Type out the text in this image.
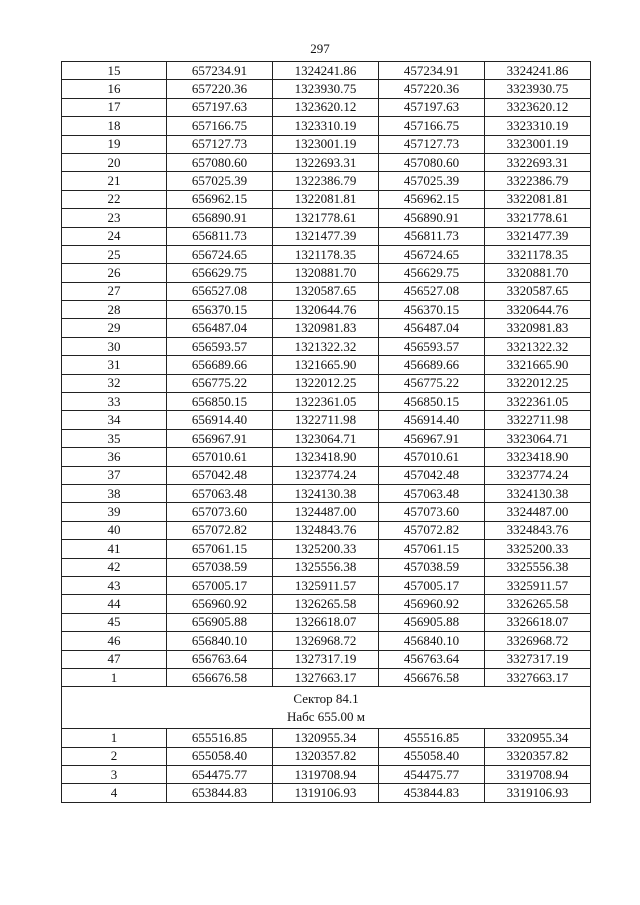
297
15	657234.91	1324241.86	457234.91	3324241.86
16	657220.36	1323930.75	457220.36	3323930.75
17	657197.63	1323620.12	457197.63	3323620.12
18	657166.75	1323310.19	457166.75	3323310.19
19	657127.73	1323001.19	457127.73	3323001.19
20	657080.60	1322693.31	457080.60	3322693.31
21	657025.39	1322386.79	457025.39	3322386.79
22	656962.15	1322081.81	456962.15	3322081.81
23	656890.91	1321778.61	456890.91	3321778.61
24	656811.73	1321477.39	456811.73	3321477.39
25	656724.65	1321178.35	456724.65	3321178.35
26	656629.75	1320881.70	456629.75	3320881.70
27	656527.08	1320587.65	456527.08	3320587.65
28	656370.15	1320644.76	456370.15	3320644.76
29	656487.04	1320981.83	456487.04	3320981.83
30	656593.57	1321322.32	456593.57	3321322.32
31	656689.66	1321665.90	456689.66	3321665.90
32	656775.22	1322012.25	456775.22	3322012.25
33	656850.15	1322361.05	456850.15	3322361.05
34	656914.40	1322711.98	456914.40	3322711.98
35	656967.91	1323064.71	456967.91	3323064.71
36	657010.61	1323418.90	457010.61	3323418.90
37	657042.48	1323774.24	457042.48	3323774.24
38	657063.48	1324130.38	457063.48	3324130.38
39	657073.60	1324487.00	457073.60	3324487.00
40	657072.82	1324843.76	457072.82	3324843.76
41	657061.15	1325200.33	457061.15	3325200.33
42	657038.59	1325556.38	457038.59	3325556.38
43	657005.17	1325911.57	457005.17	3325911.57
44	656960.92	1326265.58	456960.92	3326265.58
45	656905.88	1326618.07	456905.88	3326618.07
46	656840.10	1326968.72	456840.10	3326968.72
47	656763.64	1327317.19	456763.64	3327317.19
1	656676.58	1327663.17	456676.58	3327663.17

Сектор 84.1
Набс 655.00 м				

1	655516.85	1320955.34	455516.85	3320955.34
2	655058.40	1320357.82	455058.40	3320357.82
3	654475.77	1319708.94	454475.77	3319708.94
4	653844.83	1319106.93	453844.83	3319106.93
